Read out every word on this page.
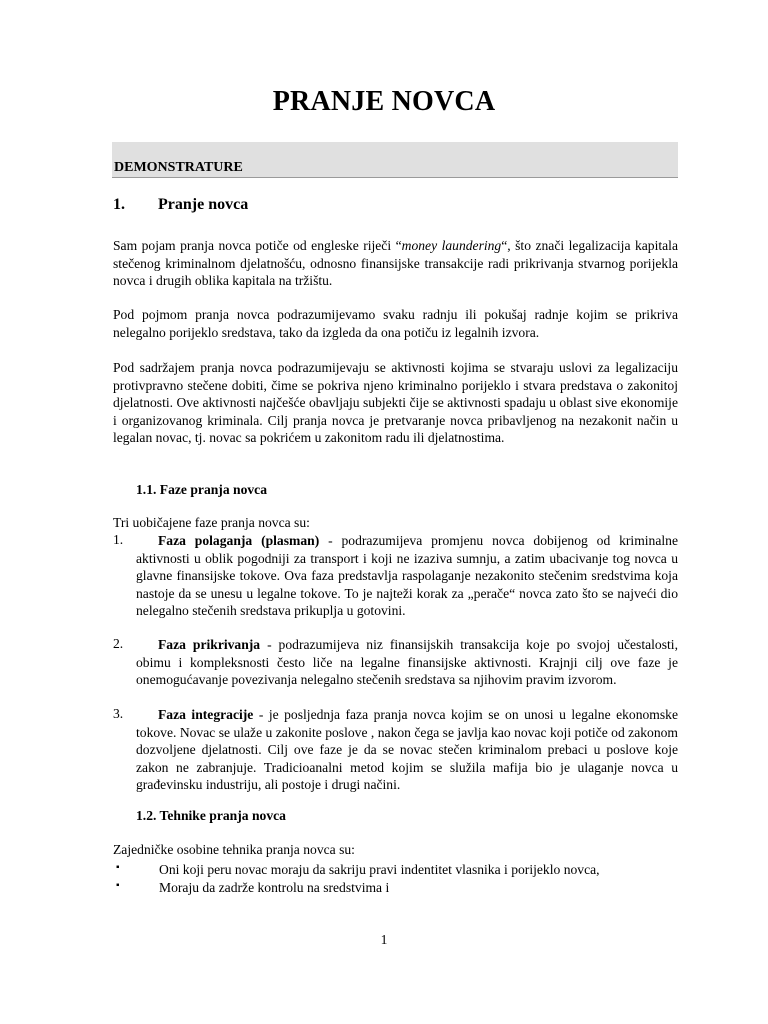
PRANJE NOVCA
DEMONSTRATURE
1. Pranje novca
Sam pojam pranja novca potiče od engleske riječi “money laundering“, što znači legalizacija kapitala stečenog kriminalnom djelatnošću, odnosno finansijske transakcije radi prikrivanja stvarnog porijekla novca i drugih oblika kapitala na tržištu.
Pod pojmom pranja novca podrazumijevamo svaku radnju ili pokušaj radnje kojim se prikriva nelegalno porijeklo sredstava, tako da izgleda da ona potiču iz legalnih izvora.
Pod sadržajem pranja novca podrazumijevaju se aktivnosti kojima se stvaraju uslovi za legalizaciju protivpravno stečene dobiti, čime se pokriva njeno kriminalno porijeklo i stvara predstava o zakonitoj djelatnosti. Ove aktivnosti najčešće obavljaju subjekti čije se aktivnosti spadaju u oblast sive ekonomije i organizovanog kriminala. Cilj pranja novca je pretvaranje novca pribavljenog na nezakonit način u legalan novac, tj. novac sa pokrićem u zakonitom radu ili djelatnostima.
1.1. Faze pranja novca
Tri uobičajene faze pranja novca su:
1.	Faza polaganja (plasman) - podrazumijeva promjenu novca dobijenog od kriminalne aktivnosti u oblik pogodniji za transport i koji ne izaziva sumnju, a zatim ubacivanje tog novca u glavne finansijske tokove. Ova faza predstavlja raspolaganje nezakonito stečenim sredstvima koja nastoje da se unesu u legalne tokove. To je najteži korak za „perače“ novca zato što se najveći dio nelegalno stečenih sredstava prikuplja u gotovini.
2.	Faza prikrivanja - podrazumijeva niz finansijskih transakcija koje po svojoj učestalosti, obimu i kompleksnosti često liče na legalne finansijske aktivnosti. Krajnji cilj ove faze je onemogućavanje povezivanja nelegalno stečenih sredstava sa njihovim pravim izvorom.
3.	Faza integracije - je posljednja faza pranja novca kojim se on unosi u legalne ekonomske tokove. Novac se ulaže u zakonite poslove , nakon čega se javlja kao novac koji potiče od zakonom dozvoljene djelatnosti. Cilj ove faze je da se novac stečen kriminalom prebaci u poslove koje zakon ne zabranjuje. Tradicioanalni metod kojim se služila mafija bio je ulaganje novca u građevinsku industriju, ali postoje i drugi načini.
1.2. Tehnike pranja novca
Zajedničke osobine tehnika pranja novca su:
▪	Oni koji peru novac moraju da sakriju pravi indentitet vlasnika i porijeklo novca,
▪	Moraju da zadrže kontrolu na sredstvima i
1
